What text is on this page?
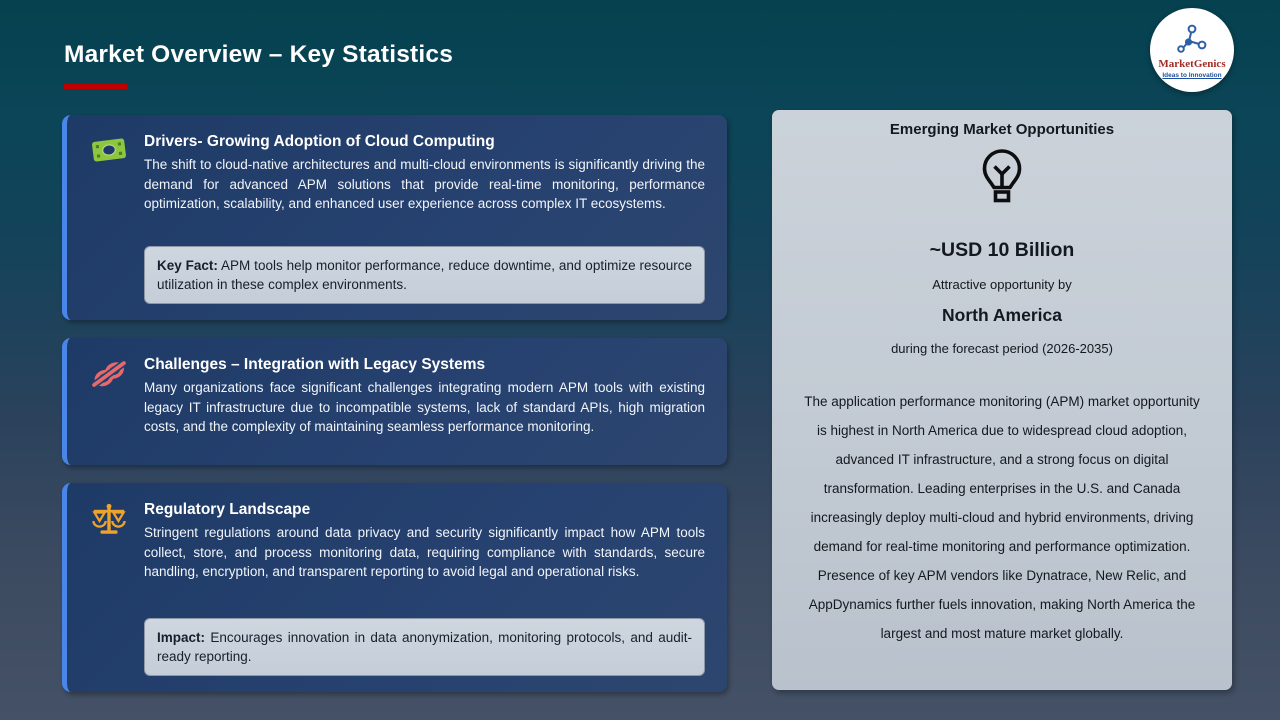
Market Overview – Key Statistics	MarketGenics
Ideas to Innovation
Drivers- Growing Adoption of Cloud Computing
The shift to cloud-native architectures and multi-cloud environments is significantly driving the demand for advanced APM solutions that provide real-time monitoring, performance optimization, scalability, and enhanced user experience across complex IT ecosystems.
Key Fact: APM tools help monitor performance, reduce downtime, and optimize resource utilization in these complex environments.
Challenges – Integration with Legacy Systems
Many organizations face significant challenges integrating modern APM tools with existing legacy IT infrastructure due to incompatible systems, lack of standard APIs, high migration costs, and the complexity of maintaining seamless performance monitoring.
Regulatory Landscape
Stringent regulations around data privacy and security significantly impact how APM tools collect, store, and process monitoring data, requiring compliance with standards, secure handling, encryption, and transparent reporting to avoid legal and operational risks.
Impact: Encourages innovation in data anonymization, monitoring protocols, and audit-ready reporting.
Emerging Market Opportunities
~USD 10 Billion
Attractive opportunity by
North America
during the forecast period (2026-2035)
The application performance monitoring (APM) market opportunity is highest in North America due to widespread cloud adoption, advanced IT infrastructure, and a strong focus on digital transformation. Leading enterprises in the U.S. and Canada increasingly deploy multi-cloud and hybrid environments, driving demand for real-time monitoring and performance optimization. Presence of key APM vendors like Dynatrace, New Relic, and AppDynamics further fuels innovation, making North America the largest and most mature market globally.
